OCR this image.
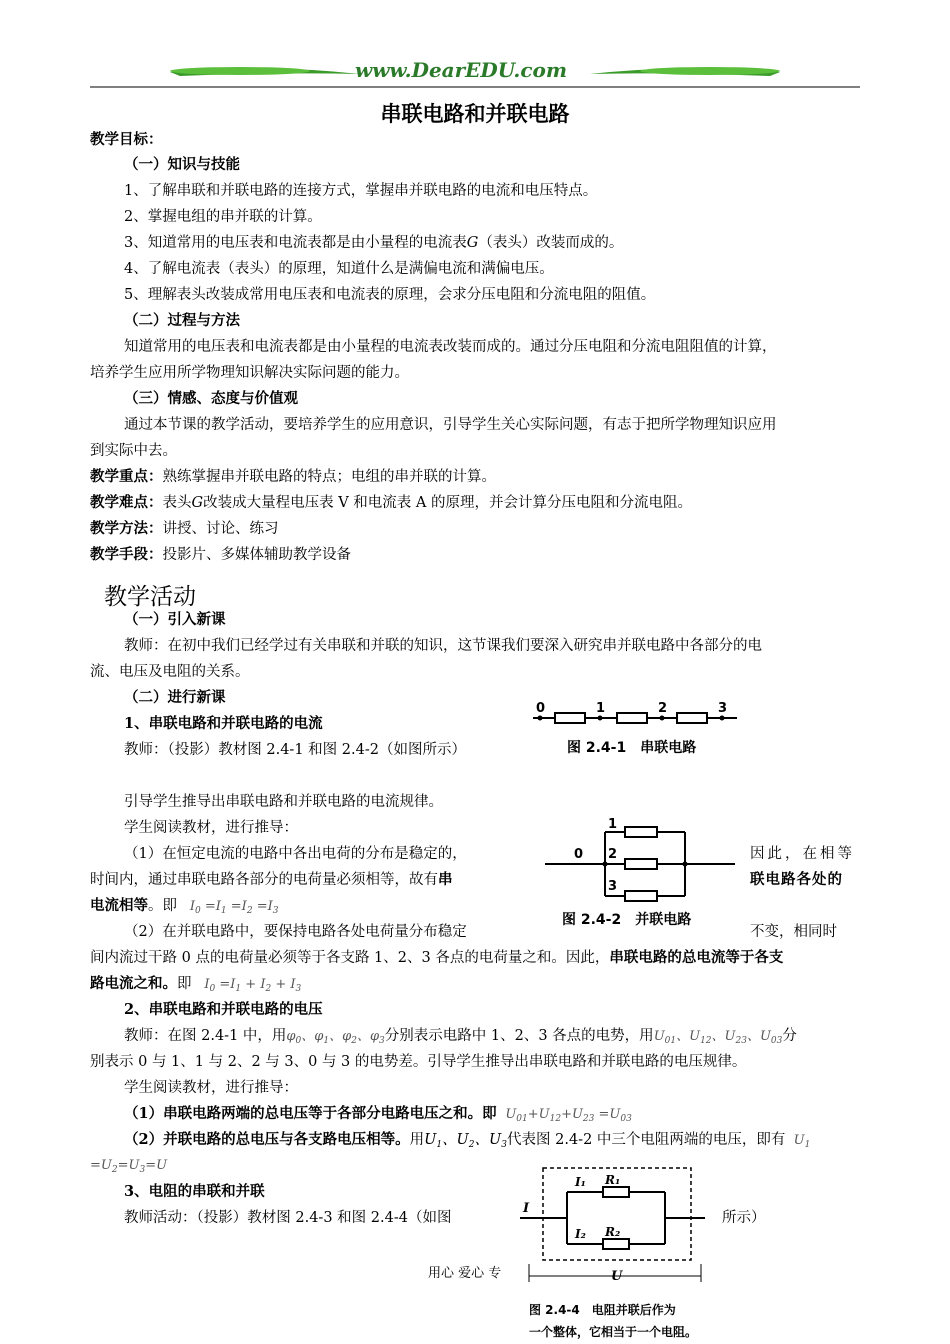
www.DearEDU.com
串联电路和并联电路
教学目标：
（一）知识与技能
1、了解串联和并联电路的连接方式，掌握串并联电路的电流和电压特点。
2、掌握电组的串并联的计算。
3、知道常用的电压表和电流表都是由小量程的电流表G（表头）改装而成的。
4、了解电流表（表头）的原理，知道什么是满偏电流和满偏电压。
5、理解表头改装成常用电压表和电流表的原理，会求分压电阻和分流电阻的阻值。
（二）过程与方法
知道常用的电压表和电流表都是由小量程的电流表改装而成的。通过分压电阻和分流电阻阻值的计算，
培养学生应用所学物理知识解决实际问题的能力。
（三）情感、态度与价值观
通过本节课的教学活动，要培养学生的应用意识，引导学生关心实际问题，有志于把所学物理知识应用
到实际中去。
教学重点：熟练掌握串并联电路的特点；电组的串并联的计算。
教学难点：表头G改装成大量程电压表 V 和电流表 A 的原理，并会计算分压电阻和分流电阻。
教学方法：讲授、讨论、练习
教学手段：投影片、多媒体辅助教学设备
教学活动
（一）引入新课
教师：在初中我们已经学过有关串联和并联的知识，这节课我们要深入研究串并联电路中各部分的电
流、电压及电阻的关系。
（二）进行新课
1、串联电路和并联电路的电流
教师：（投影）教材图 2.4-1 和图 2.4-2（如图所示）
0	1	2	3
图 2.4-1　串联电路
引导学生推导出串联电路和并联电路的电流规律。
学生阅读教材，进行推导：
0
1
2
3
图 2.4-2　并联电路
（1）在恒定电流的电路中各出电荷的分布是稳定的，	因此，在相等
时间内，通过串联电路各部分的电荷量必须相等，故有串	联电路各处的
电流相等。即   $I_0 =I_1 =I_2 =I_3$
（2）在并联电路中，要保持电路各处电荷量分布稳定	不变，相同时
间内流过干路 0 点的电荷量必须等于各支路 1、2、3 各点的电荷量之和。因此，串联电路的总电流等于各支
路电流之和。即   $I_0 =I_1 + I_2 + I_3$
2、串联电路和并联电路的电压
教师：在图 2.4-1 中，用$\varphi_0$、$\varphi_1$、$\varphi_2$、$\varphi_3$分别表示电路中 1、2、3 各点的电势，用$U_{01}$、$U_{12}$、$U_{23}$、$U_{03}$分
别表示 0 与 1、1 与 2、2 与 3、0 与 3 的电势差。引导学生推导出串联电路和并联电路的电压规律。
学生阅读教材，进行推导：
（1）串联电路两端的总电压等于各部分电路电压之和。即  $U_{01}+U_{12}+U_{23} =U_{03}$
（2）并联电路的总电压与各支路电压相等。用$U_1$、$U_2$、$U_3$代表图 2.4-2 中三个电阻两端的电压，即有  $U_1$
$=U_2=U_3=U$
3、电阻的串联和并联
教师活动：（投影）教材图 2.4-3 和图 2.4-4（如图	所示）
I
I₁ R₁
I₂ R₂
U
图 2.4-4　电阻并联后作为
一个整体，它相当于一个电阻。
用心 爱心 专
